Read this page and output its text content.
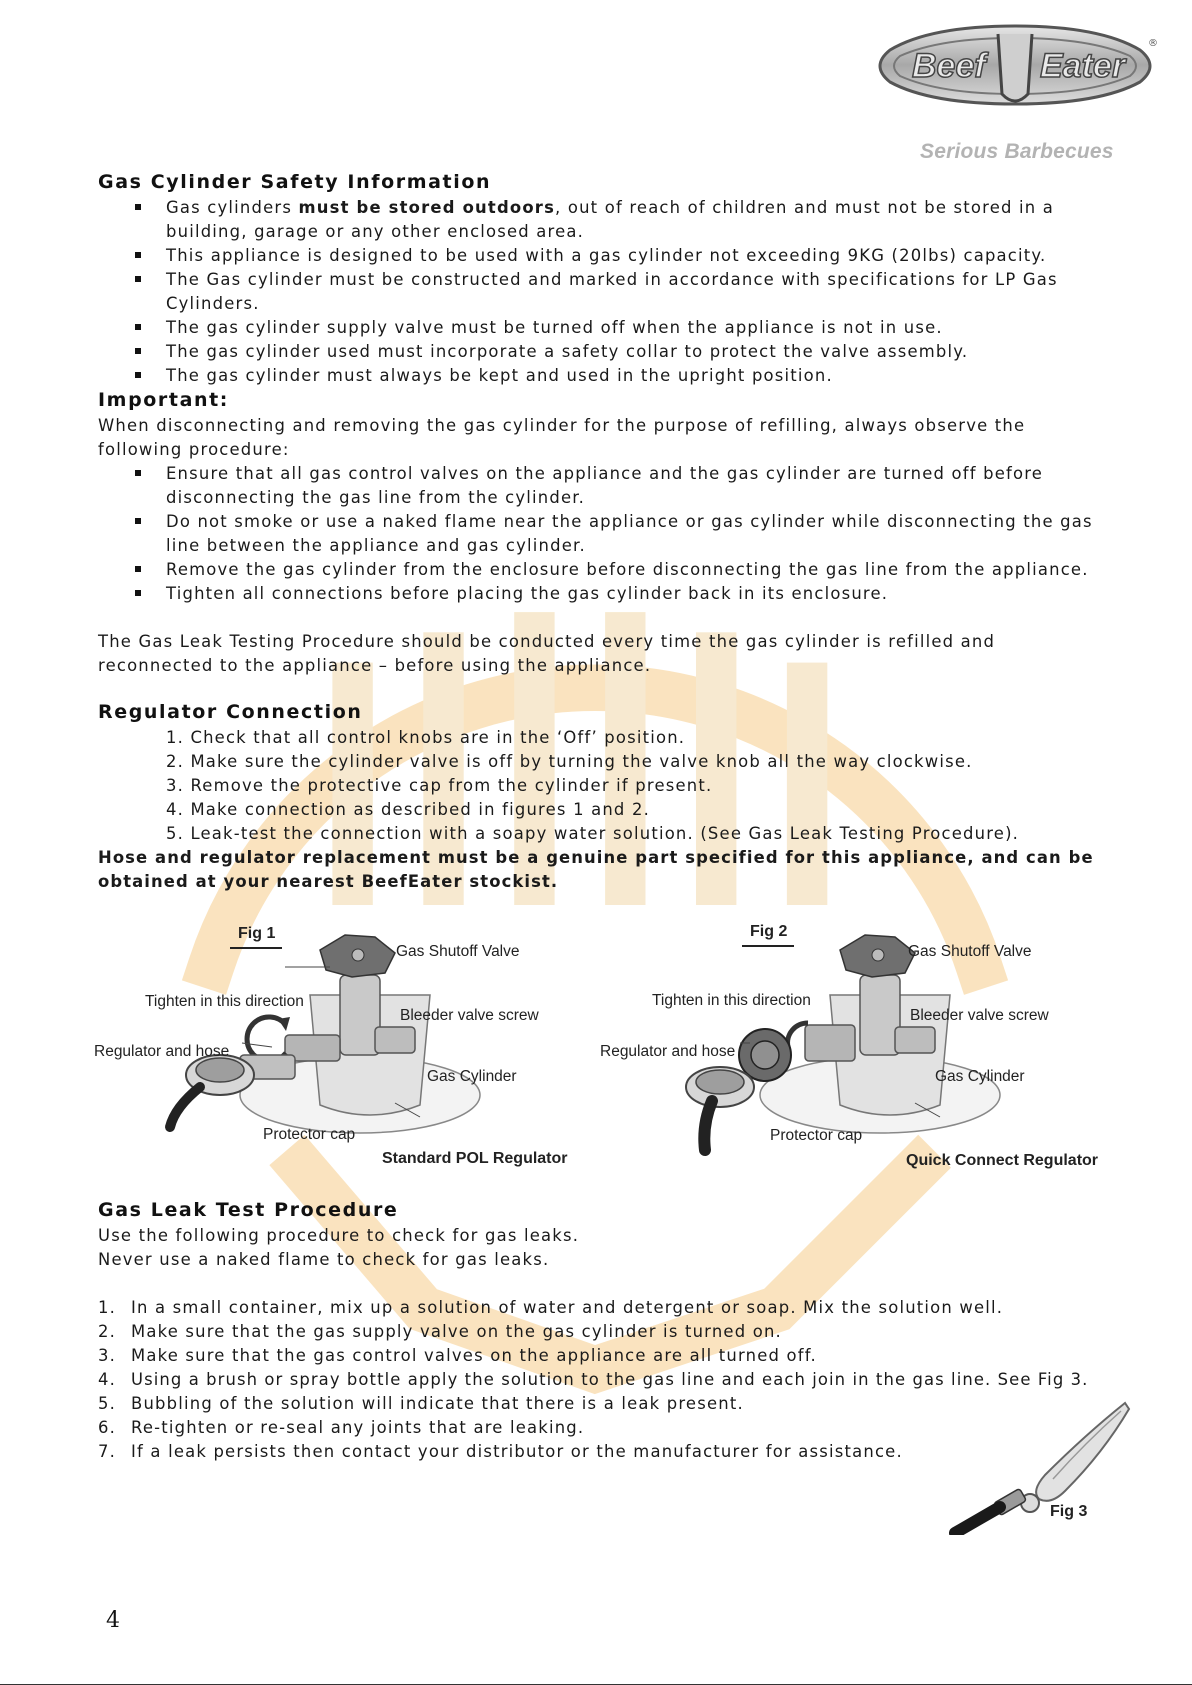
Beef Eater
®
Serious Barbecues
Gas Cylinder Safety Information
Gas cylinders must be stored outdoors, out of reach of children and must not be stored in a
building, garage or any other enclosed area.
This appliance is designed to be used with a gas cylinder not exceeding 9KG (20lbs) capacity.
The Gas cylinder must be constructed and marked in accordance with specifications for LP Gas
Cylinders.
The gas cylinder supply valve must be turned off when the appliance is not in use.
The gas cylinder used must incorporate a safety collar to protect the valve assembly.
The gas cylinder must always be kept and used in the upright position.
Important:
When disconnecting and removing the gas cylinder for the purpose of refilling, always observe the
following procedure:
Ensure that all gas control valves on the appliance and the gas cylinder are turned off before
disconnecting the gas line from the cylinder.
Do not smoke or use a naked flame near the appliance or gas cylinder while disconnecting the gas
line between the appliance and gas cylinder.
Remove the gas cylinder from the enclosure before disconnecting the gas line from the appliance.
Tighten all connections before placing the gas cylinder back in its enclosure.
The Gas Leak Testing Procedure should be conducted every time the gas cylinder is refilled and
reconnected to the appliance – before using the appliance.
Regulator Connection
1. Check that all control knobs are in the ‘Off’ position.
2. Make sure the cylinder valve is off by turning the valve knob all the way clockwise.
3. Remove the protective cap from the cylinder if present.
4. Make connection as described in figures 1 and 2.
5. Leak-test the connection with a soapy water solution. (See Gas Leak Testing Procedure).
Hose and regulator replacement must be a genuine part specified for this appliance, and can be
obtained at your nearest BeefEater stockist.
Fig 1
Gas Shutoff Valve
Tighten in this direction
Bleeder valve screw
Regulator and hose
Gas Cylinder
Protector cap
Standard POL Regulator
Fig 2
Gas Shutoff Valve
Tighten in this direction
Bleeder valve screw
Regulator and hose
Gas Cylinder
Protector cap
Quick Connect Regulator
Gas Leak Test Procedure
Use the following procedure to check for gas leaks.
Never use a naked flame to check for gas leaks.
1. In a small container, mix up a solution of water and detergent or soap. Mix the solution well.
2. Make sure that the gas supply valve on the gas cylinder is turned on.
3. Make sure that the gas control valves on the appliance are all turned off.
4. Using a brush or spray bottle apply the solution to the gas line and each join in the gas line. See Fig 3.
5. Bubbling of the solution will indicate that there is a leak present.
6. Re-tighten or re-seal any joints that are leaking.
7. If a leak persists then contact your distributor or the manufacturer for assistance.
Fig 3
4
